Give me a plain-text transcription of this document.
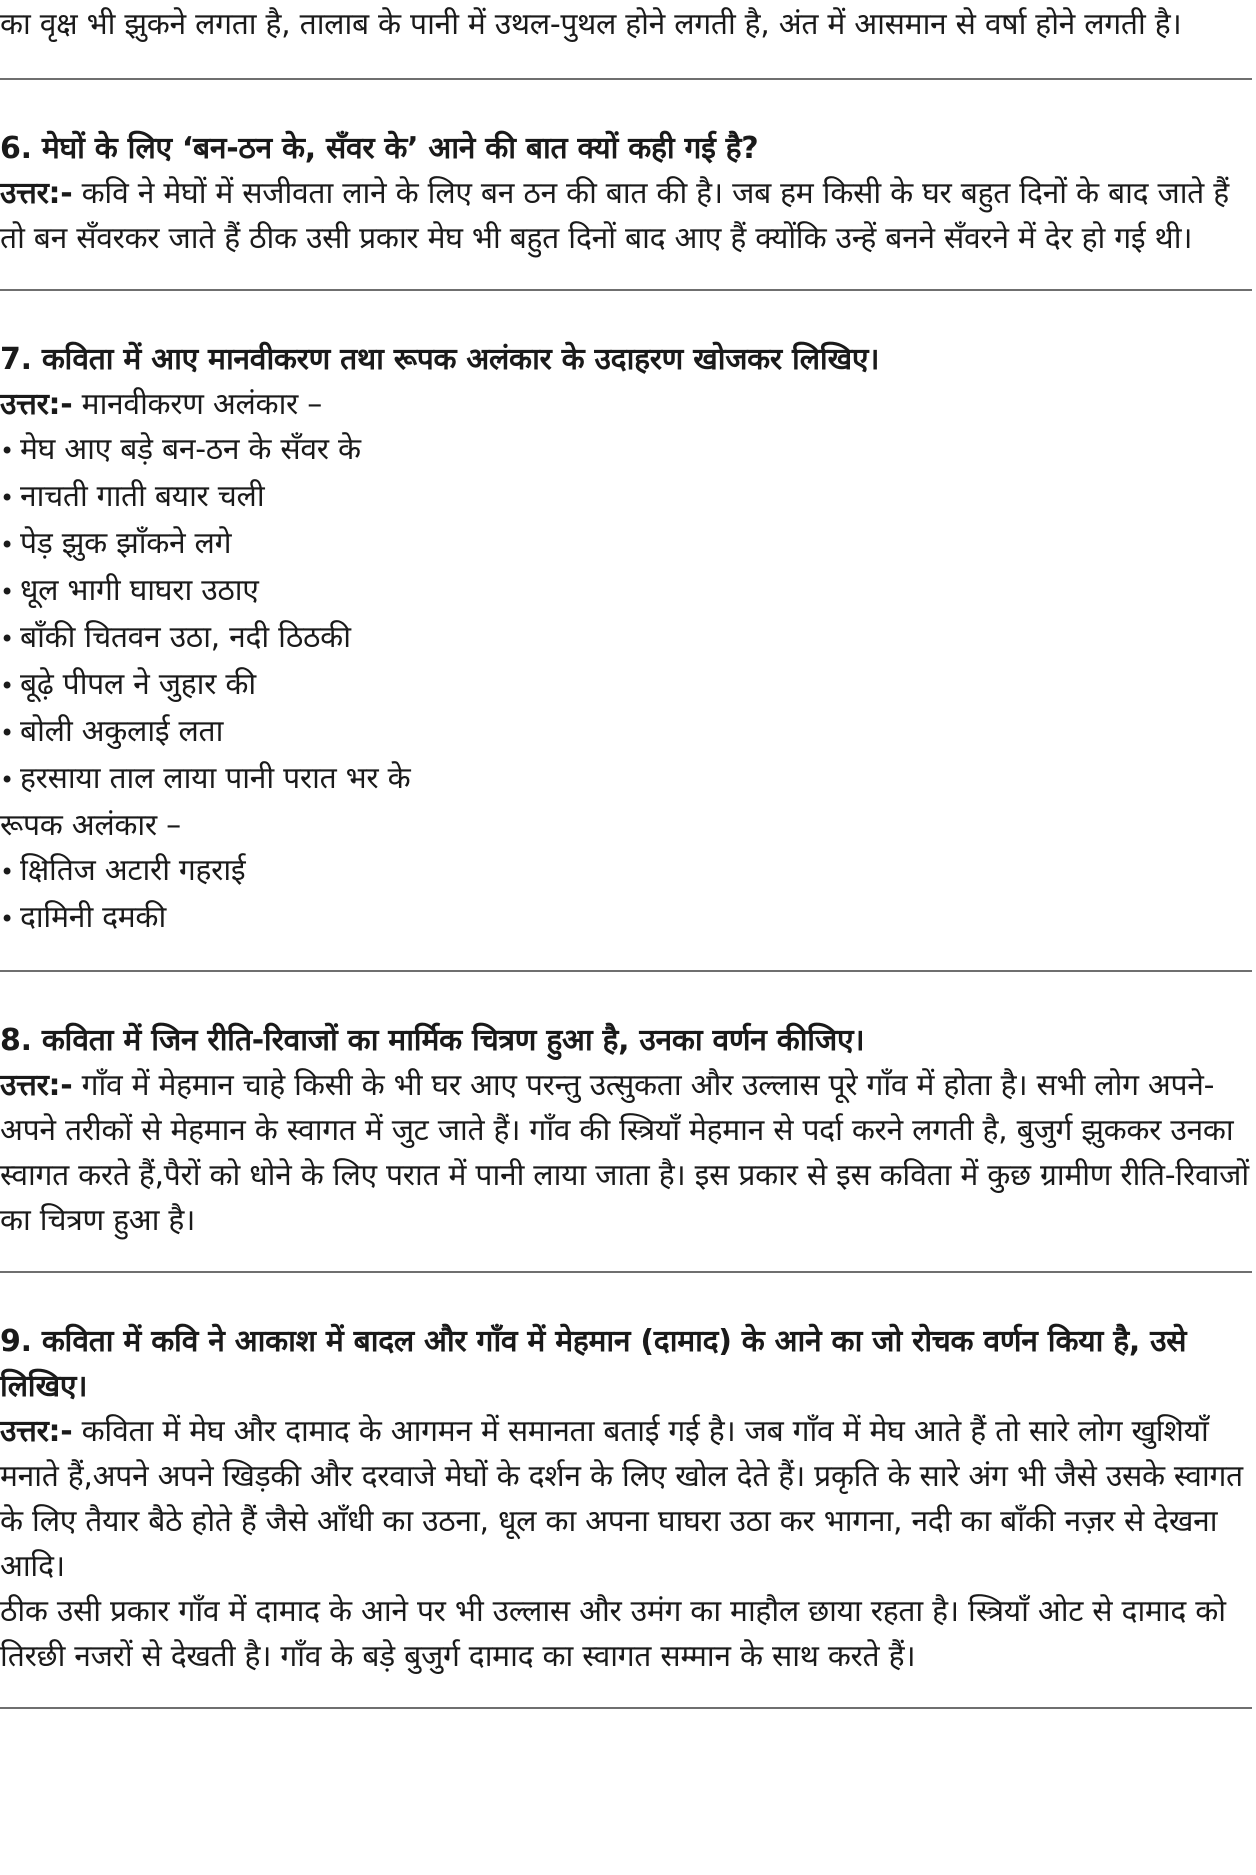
का वृक्ष भी झुकने लगता है, तालाब के पानी में उथल-पुथल होने लगती है, अंत में आसमान से वर्षा होने लगती है।

6. मेघों के लिए ‘बन-ठन के, सँवर के’ आने की बात क्यों कही गई है?

उत्तर:- कवि ने मेघों में सजीवता लाने के लिए बन ठन की बात की है। जब हम किसी के घर बहुत दिनों के बाद जाते हैं तो बन सँवरकर जाते हैं ठीक उसी प्रकार मेघ भी बहुत दिनों बाद आए हैं क्योंकि उन्हें बनने सँवरने में देर हो गई थी।

7. कविता में आए मानवीकरण तथा रूपक अलंकार के उदाहरण खोजकर लिखिए।

उत्तर:- मानवीकरण अलंकार –

• मेघ आए बड़े बन-ठन के सँवर के
• नाचती गाती बयार चली
• पेड़ झुक झाँकने लगे
• धूल भागी घाघरा उठाए
• बाँकी चितवन उठा, नदी ठिठकी
• बूढ़े पीपल ने जुहार की
• बोली अकुलाई लता
• हरसाया ताल लाया पानी परात भर के

रूपक अलंकार –

• क्षितिज अटारी गहराई
• दामिनी दमकी

8. कविता में जिन रीति-रिवाजों का मार्मिक चित्रण हुआ है, उनका वर्णन कीजिए।

उत्तर:- गाँव में मेहमान चाहे किसी के भी घर आए परन्तु उत्सुकता और उल्लास पूरे गाँव में होता है। सभी लोग अपने-अपने तरीकों से मेहमान के स्वागत में जुट जाते हैं। गाँव की स्त्रियाँ मेहमान से पर्दा करने लगती है, बुजुर्ग झुककर उनका स्वागत करते हैं,पैरों को धोने के लिए परात में पानी लाया जाता है। इस प्रकार से इस कविता में कुछ ग्रामीण रीति-रिवाजों का चित्रण हुआ है।

9. कविता में कवि ने आकाश में बादल और गाँव में मेहमान (दामाद) के आने का जो रोचक वर्णन किया है, उसे लिखिए।

उत्तर:- कविता में मेघ और दामाद के आगमन में समानता बताई गई है। जब गाँव में मेघ आते हैं तो सारे लोग खुशियाँ मनाते हैं,अपने अपने खिड़की और दरवाजे मेघों के दर्शन के लिए खोल देते हैं। प्रकृति के सारे अंग भी जैसे उसके स्वागत के लिए तैयार बैठे होते हैं जैसे आँधी का उठना, धूल का अपना घाघरा उठा कर भागना, नदी का बाँकी नज़र से देखना आदि।

ठीक उसी प्रकार गाँव में दामाद के आने पर भी उल्लास और उमंग का माहौल छाया रहता है। स्त्रियाँ ओट से दामाद को तिरछी नजरों से देखती है। गाँव के बड़े बुजुर्ग दामाद का स्वागत सम्मान के साथ करते हैं।
